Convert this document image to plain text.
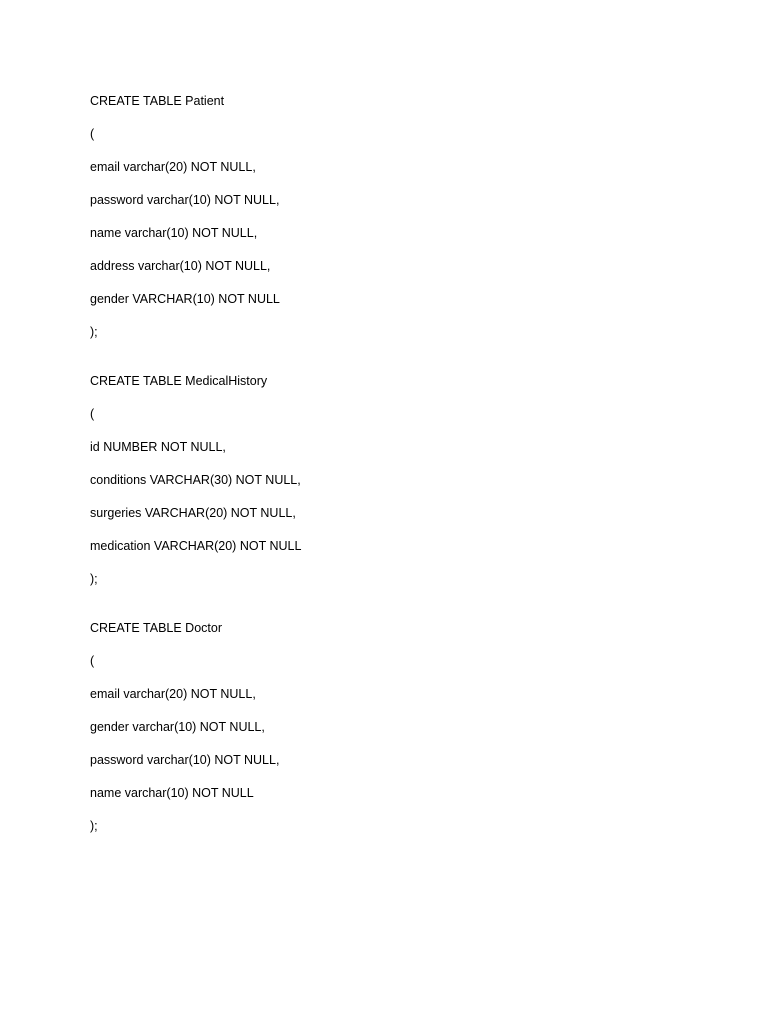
CREATE TABLE Patient

(

email varchar(20) NOT NULL,

password varchar(10) NOT NULL,

name varchar(10) NOT NULL,

address varchar(10) NOT NULL,

gender VARCHAR(10) NOT NULL

);

CREATE TABLE MedicalHistory

(

id NUMBER NOT NULL,

conditions VARCHAR(30) NOT NULL,

surgeries VARCHAR(20) NOT NULL,

medication VARCHAR(20) NOT NULL

);

CREATE TABLE Doctor

(

email varchar(20) NOT NULL,

gender varchar(10) NOT NULL,

password varchar(10) NOT NULL,

name varchar(10) NOT NULL

);
